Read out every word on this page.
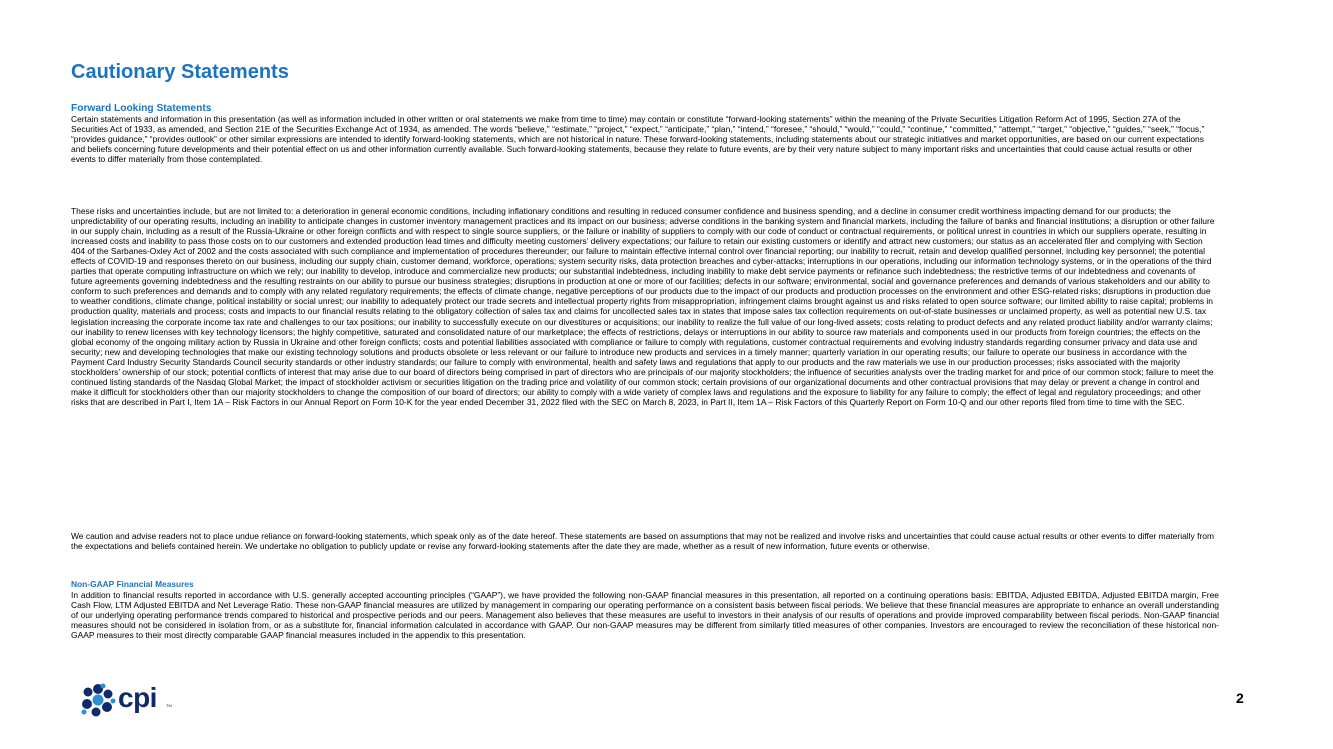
Cautionary Statements
Forward Looking Statements

Certain statements and information in this presentation (as well as information included in other written or oral statements we make from time to time) may contain or constitute “forward-looking statements” within the meaning of the Private Securities Litigation Reform Act of 1995, Section 27A of the Securities Act of 1933, as amended, and Section 21E of the Securities Exchange Act of 1934, as amended. The words “believe,” “estimate,” “project,” “expect,” “anticipate,” “plan,” “intend,” “foresee,” “should,” “would,” “could,” “continue,” “committed,” “attempt,” “target,” “objective,” “guides,” “seek,” “focus,” “provides guidance,” “provides outlook” or other similar expressions are intended to identify forward-looking statements, which are not historical in nature. These forward-looking statements, including statements about our strategic initiatives and market opportunities, are based on our current expectations and beliefs concerning future developments and their potential effect on us and other information currently available. Such forward-looking statements, because they relate to future events, are by their very nature subject to many important risks and uncertainties that could cause actual results or other events to differ materially from those contemplated.

These risks and uncertainties include, but are not limited to: a deterioration in general economic conditions, including inflationary conditions and resulting in reduced consumer confidence and business spending, and a decline in consumer credit worthiness impacting demand for our products; the unpredictability of our operating results, including an inability to anticipate changes in customer inventory management practices and its impact on our business; adverse conditions in the banking system and financial markets, including the failure of banks and financial institutions; a disruption or other failure in our supply chain, including as a result of the Russia-Ukraine or other foreign conflicts and with respect to single source suppliers, or the failure or inability of suppliers to comply with our code of conduct or contractual requirements, or political unrest in countries in which our suppliers operate, resulting in increased costs and inability to pass those costs on to our customers and extended production lead times and difficulty meeting customers’ delivery expectations; our failure to retain our existing customers or identify and attract new customers; our status as an accelerated filer and complying with Section 404 of the Sarbanes-Oxley Act of 2002 and the costs associated with such compliance and implementation of procedures thereunder; our failure to maintain effective internal control over financial reporting; our inability to recruit, retain and develop qualified personnel, including key personnel; the potential effects of COVID-19 and responses thereto on our business, including our supply chain, customer demand, workforce, operations; system security risks, data protection breaches and cyber-attacks; interruptions in our operations, including our information technology systems, or in the operations of the third parties that operate computing infrastructure on which we rely; our inability to develop, introduce and commercialize new products; our substantial indebtedness, including inability to make debt service payments or refinance such indebtedness; the restrictive terms of our indebtedness and covenants of future agreements governing indebtedness and the resulting restraints on our ability to pursue our business strategies; disruptions in production at one or more of our facilities; defects in our software; environmental, social and governance preferences and demands of various stakeholders and our ability to conform to such preferences and demands and to comply with any related regulatory requirements; the effects of climate change, negative perceptions of our products due to the impact of our products and production processes on the environment and other ESG-related risks; disruptions in production due to weather conditions, climate change, political instability or social unrest; our inability to adequately protect our trade secrets and intellectual property rights from misappropriation, infringement claims brought against us and risks related to open source software; our limited ability to raise capital; problems in production quality, materials and process; costs and impacts to our financial results relating to the obligatory collection of sales tax and claims for uncollected sales tax in states that impose sales tax collection requirements on out-of-state businesses or unclaimed property, as well as potential new U.S. tax legislation increasing the corporate income tax rate and challenges to our tax positions; our inability to successfully execute on our divestitures or acquisitions; our inability to realize the full value of our long-lived assets; costs relating to product defects and any related product liability and/or warranty claims; our inability to renew licenses with key technology licensors; the highly competitive, saturated and consolidated nature of our marketplace; the effects of restrictions, delays or interruptions in our ability to source raw materials and components used in our products from foreign countries; the effects on the global economy of the ongoing military action by Russia in Ukraine and other foreign conflicts; costs and potential liabilities associated with compliance or failure to comply with regulations, customer contractual requirements and evolving industry standards regarding consumer privacy and data use and security; new and developing technologies that make our existing technology solutions and products obsolete or less relevant or our failure to introduce new products and services in a timely manner; quarterly variation in our operating results; our failure to operate our business in accordance with the Payment Card Industry Security Standards Council security standards or other industry standards; our failure to comply with environmental, health and safety laws and regulations that apply to our products and the raw materials we use in our production processes; risks associated with the majority stockholders’ ownership of our stock; potential conflicts of interest that may arise due to our board of directors being comprised in part of directors who are principals of our majority stockholders; the influence of securities analysts over the trading market for and price of our common stock; failure to meet the continued listing standards of the Nasdaq Global Market; the impact of stockholder activism or securities litigation on the trading price and volatility of our common stock; certain provisions of our organizational documents and other contractual provisions that may delay or prevent a change in control and make it difficult for stockholders other than our majority stockholders to change the composition of our board of directors; our ability to comply with a wide variety of complex laws and regulations and the exposure to liability for any failure to comply; the effect of legal and regulatory proceedings; and other risks that are described in Part I, Item 1A – Risk Factors in our Annual Report on Form 10-K for the year ended December 31, 2022 filed with the SEC on March 8, 2023, in Part II, Item 1A – Risk Factors of this Quarterly Report on Form 10-Q and our other reports filed from time to time with the SEC.

We caution and advise readers not to place undue reliance on forward-looking statements, which speak only as of the date hereof. These statements are based on assumptions that may not be realized and involve risks and uncertainties that could cause actual results or other events to differ materially from the expectations and beliefs contained herein. We undertake no obligation to publicly update or revise any forward-looking statements after the date they are made, whether as a result of new information, future events or otherwise.

Non-GAAP Financial Measures

In addition to financial results reported in accordance with U.S. generally accepted accounting principles (“GAAP”), we have provided the following non-GAAP financial measures in this presentation, all reported on a continuing operations basis: EBITDA, Adjusted EBITDA, Adjusted EBITDA margin, Free Cash Flow, LTM Adjusted EBITDA and Net Leverage Ratio. These non-GAAP financial measures are utilized by management in comparing our operating performance on a consistent basis between fiscal periods. We believe that these financial measures are appropriate to enhance an overall understanding of our underlying operating performance trends compared to historical and prospective periods and our peers. Management also believes that these measures are useful to investors in their analysis of our results of operations and provide improved comparability between fiscal periods. Non-GAAP financial measures should not be considered in isolation from, or as a substitute for, financial information calculated in accordance with GAAP. Our non-GAAP measures may be different from similarly titled measures of other companies. Investors are encouraged to review the reconciliation of these historical non-GAAP measures to their most directly comparable GAAP financial measures included in the appendix to this presentation.

cpi TM	2
